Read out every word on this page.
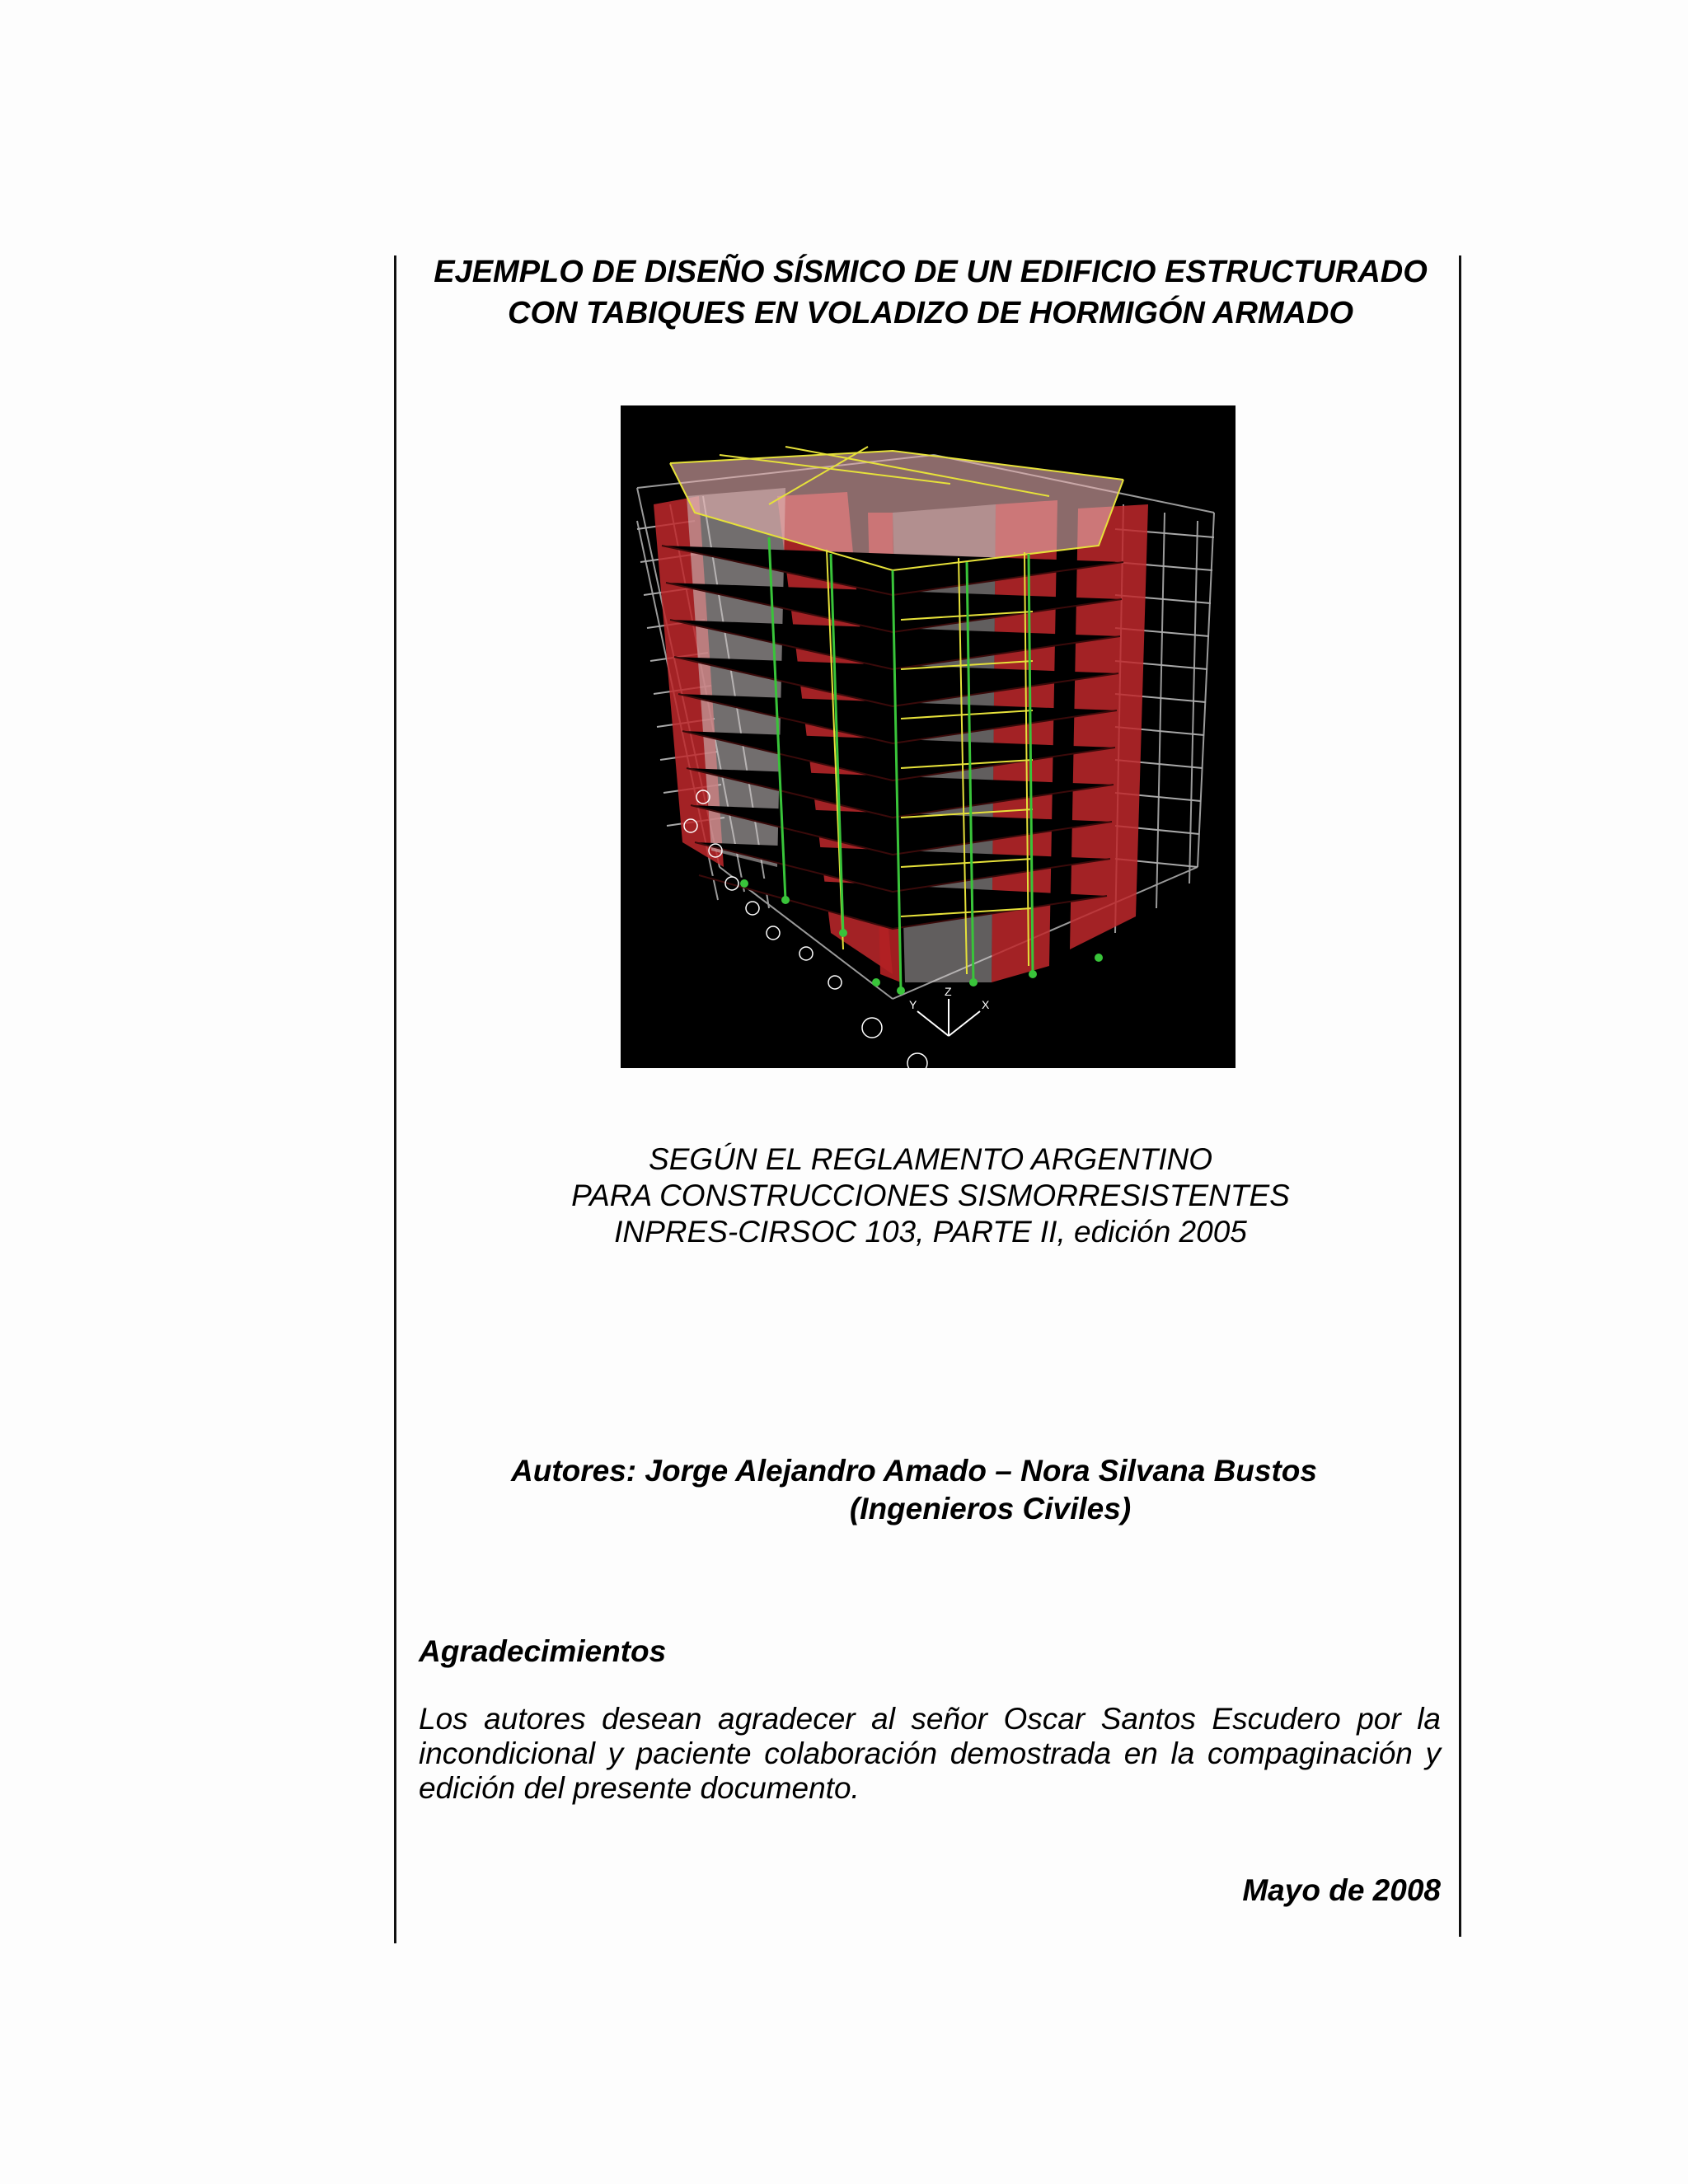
EJEMPLO DE DISEÑO SÍSMICO DE UN EDIFICIO ESTRUCTURADO
CON TABIQUES EN VOLADIZO DE HORMIGÓN ARMADO
Y
Z
X
SEGÚN EL REGLAMENTO ARGENTINO
PARA CONSTRUCCIONES SISMORRESISTENTES
INPRES-CIRSOC 103, PARTE II, edición 2005
Autores: Jorge Alejandro Amado – Nora Silvana Bustos
(Ingenieros Civiles)
Agradecimientos
Los autores desean agradecer al señor Oscar Santos Escudero por la incondicional y paciente colaboración demostrada en la compaginación y edición del presente documento.
Mayo de 2008
